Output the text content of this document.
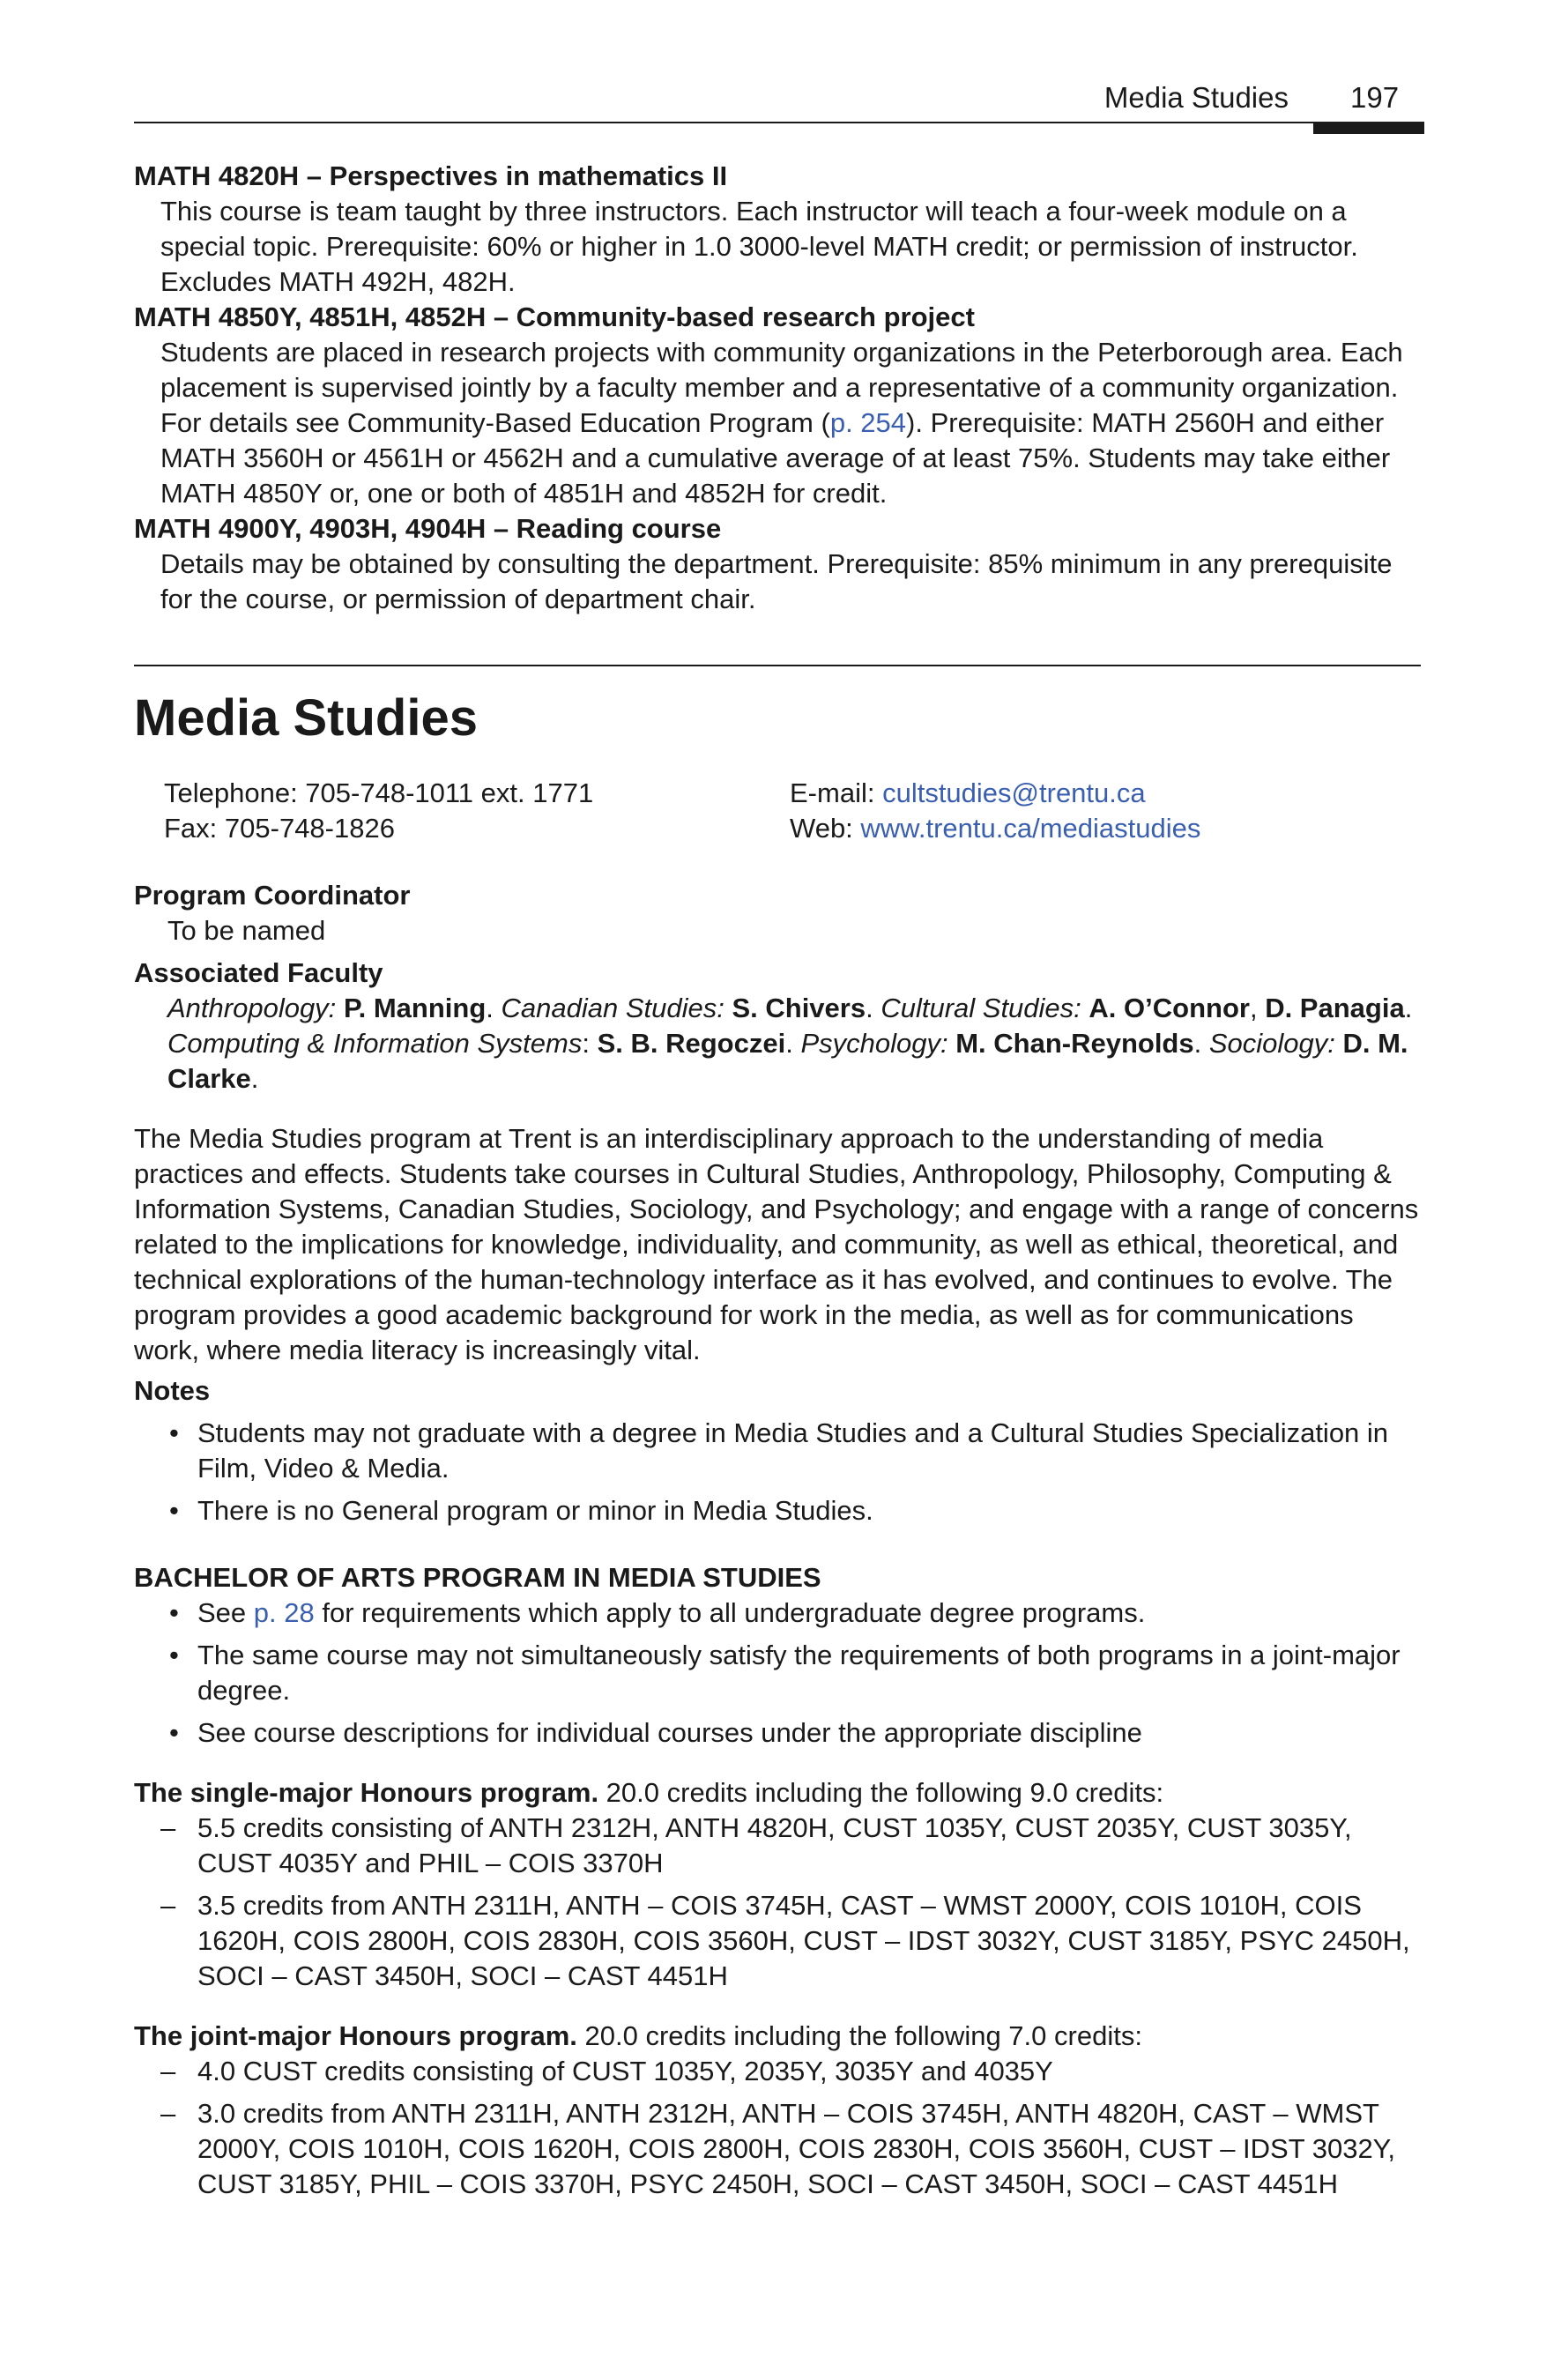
Media Studies 197

MATH 4820H – Perspectives in mathematics II

This course is team taught by three instructors. Each instructor will teach a four-week module on a special topic. Prerequisite: 60% or higher in 1.0 3000-level MATH credit; or permission of instructor. Excludes MATH 492H, 482H.

MATH 4850Y, 4851H, 4852H – Community-based research project

Students are placed in research projects with community organizations in the Peterborough area. Each placement is supervised jointly by a faculty member and a representative of a community organization. For details see Community-Based Education Program (p. 254). Prerequisite: MATH 2560H and either MATH 3560H or 4561H or 4562H and a cumulative average of at least 75%. Students may take either MATH 4850Y or, one or both of 4851H and 4852H for credit.

MATH 4900Y, 4903H, 4904H – Reading course

Details may be obtained by consulting the department. Prerequisite: 85% minimum in any prerequisite for the course, or permission of department chair.

Media Studies
Telephone: 705-748-1011 ext. 1771	E-mail: cultstudies@trentu.ca
Fax: 705-748-1826	Web: www.trentu.ca/mediastudies

Program Coordinator

To be named

Associated Faculty

Anthropology: P. Manning. Canadian Studies: S. Chivers. Cultural Studies: A. O’Connor, D. Panagia. Computing & Information Systems: S. B. Regoczei. Psychology: M. Chan-Reynolds. Sociology: D. M. Clarke.

The Media Studies program at Trent is an interdisciplinary approach to the understanding of media practices and effects. Students take courses in Cultural Studies, Anthropology, Philosophy, Computing & Information Systems, Canadian Studies, Sociology, and Psychology; and engage with a range of concerns related to the implications for knowledge, individuality, and community, as well as ethical, theoretical, and technical explorations of the human-technology interface as it has evolved, and continues to evolve. The program provides a good academic background for work in the media, as well as for communications work, where media literacy is increasingly vital.

Notes

• Students may not graduate with a degree in Media Studies and a Cultural Studies Specialization in Film, Video & Media.
• There is no General program or minor in Media Studies.

BACHELOR OF ARTS PROGRAM IN MEDIA STUDIES

• See p. 28 for requirements which apply to all undergraduate degree programs.
• The same course may not simultaneously satisfy the requirements of both programs in a joint-major degree.
• See course descriptions for individual courses under the appropriate discipline

The single-major Honours program. 20.0 credits including the following 9.0 credits:

– 5.5 credits consisting of ANTH 2312H, ANTH 4820H, CUST 1035Y, CUST 2035Y, CUST 3035Y, CUST 4035Y and PHIL – COIS 3370H
– 3.5 credits from ANTH 2311H, ANTH – COIS 3745H, CAST – WMST 2000Y, COIS 1010H, COIS 1620H, COIS 2800H, COIS 2830H, COIS 3560H, CUST – IDST 3032Y, CUST 3185Y, PSYC 2450H, SOCI – CAST 3450H, SOCI – CAST 4451H

The joint-major Honours program. 20.0 credits including the following 7.0 credits:

– 4.0 CUST credits consisting of CUST 1035Y, 2035Y, 3035Y and 4035Y
– 3.0 credits from ANTH 2311H, ANTH 2312H, ANTH – COIS 3745H, ANTH 4820H, CAST – WMST 2000Y, COIS 1010H, COIS 1620H, COIS 2800H, COIS 2830H, COIS 3560H, CUST – IDST 3032Y, CUST 3185Y, PHIL – COIS 3370H, PSYC 2450H, SOCI – CAST 3450H, SOCI – CAST 4451H
